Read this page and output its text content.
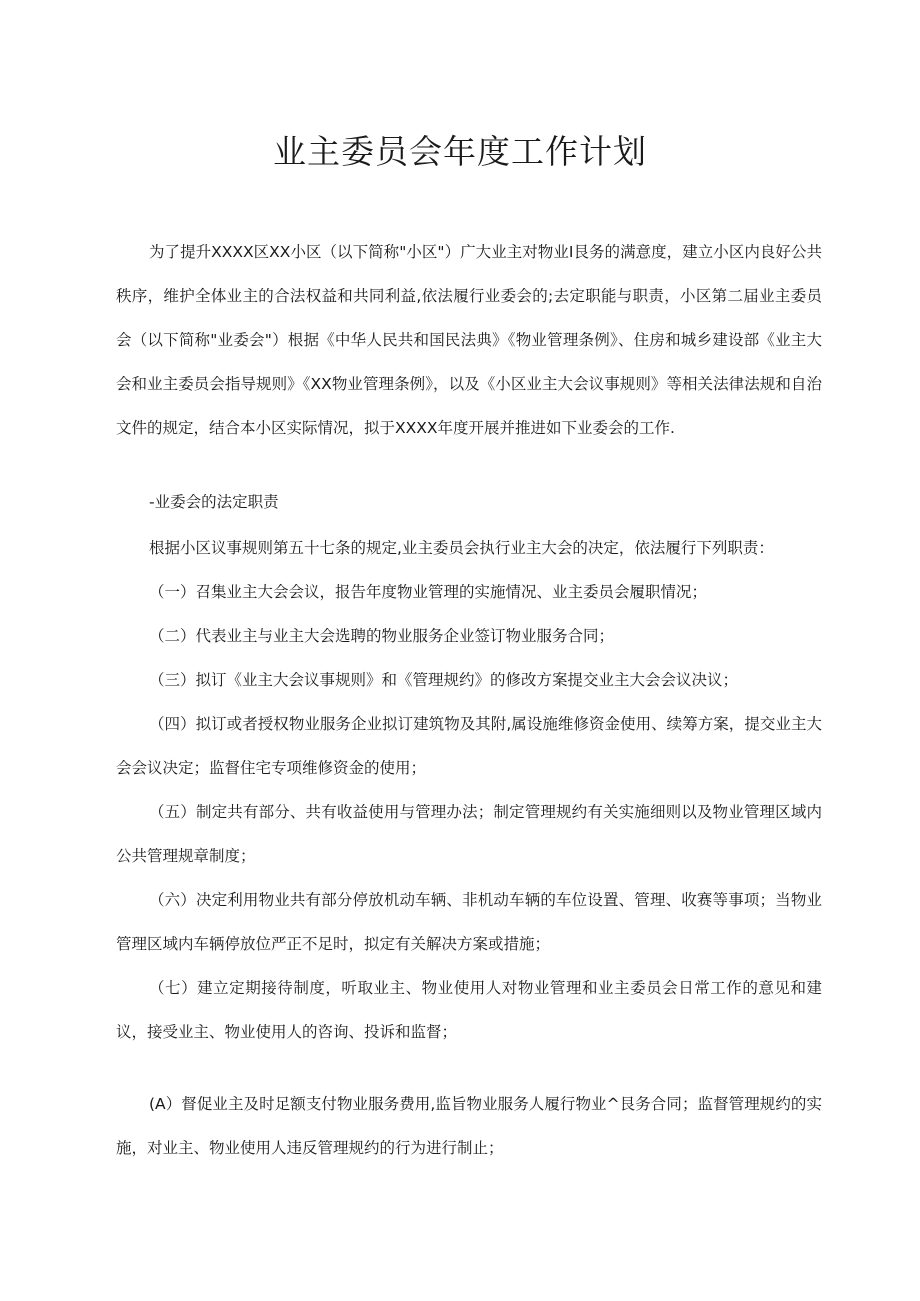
业主委员会年度工作计划

为了提升XXXX区XX小区（以下简称"小区"）广大业主对物业I艮务的满意度，建立小区内良好公共秩序，维护全体业主的合法权益和共同利益,依法履行业委会的;去定职能与职责，小区第二届业主委员会（以下简称"业委会"）根据《中华人民共和国民法典》《物业管理条例》、住房和城乡建设部《业主大会和业主委员会指导规则》《XX物业管理条例》，以及《小区业主大会议事规则》等相关法律法规和自治文件的规定，结合本小区实际情况，拟于XXXX年度开展并推进如下业委会的工作.

-业委会的法定职责

根据小区议事规则第五十七条的规定,业主委员会执行业主大会的决定，依法履行下列职责：

（一）召集业主大会会议，报告年度物业管理的实施情况、业主委员会履职情况；

（二）代表业主与业主大会选聘的物业服务企业签订物业服务合同；

（三）拟订《业主大会议事规则》和《管理规约》的修改方案提交业主大会会议决议；

（四）拟订或者授权物业服务企业拟订建筑物及其附,属设施维修资金使用、续筹方案，提交业主大会会议决定；监督住宅专项维修资金的使用；

（五）制定共有部分、共有收益使用与管理办法；制定管理规约有关实施细则以及物业管理区域内公共管理规章制度；

（六）决定利用物业共有部分停放机动车辆、非机动车辆的车位设置、管理、收赛等事项；当物业管理区域内车辆停放位严正不足时，拟定有关解决方案或措施；

（七）建立定期接待制度，听取业主、物业使用人对物业管理和业主委员会日常工作的意见和建议，接受业主、物业使用人的咨询、投诉和监督；

(A）督促业主及时足额支付物业服务费用,监旨物业服务人履行物业^艮务合同；监督管理规约的实施，对业主、物业使用人违反管理规约的行为进行制止；
